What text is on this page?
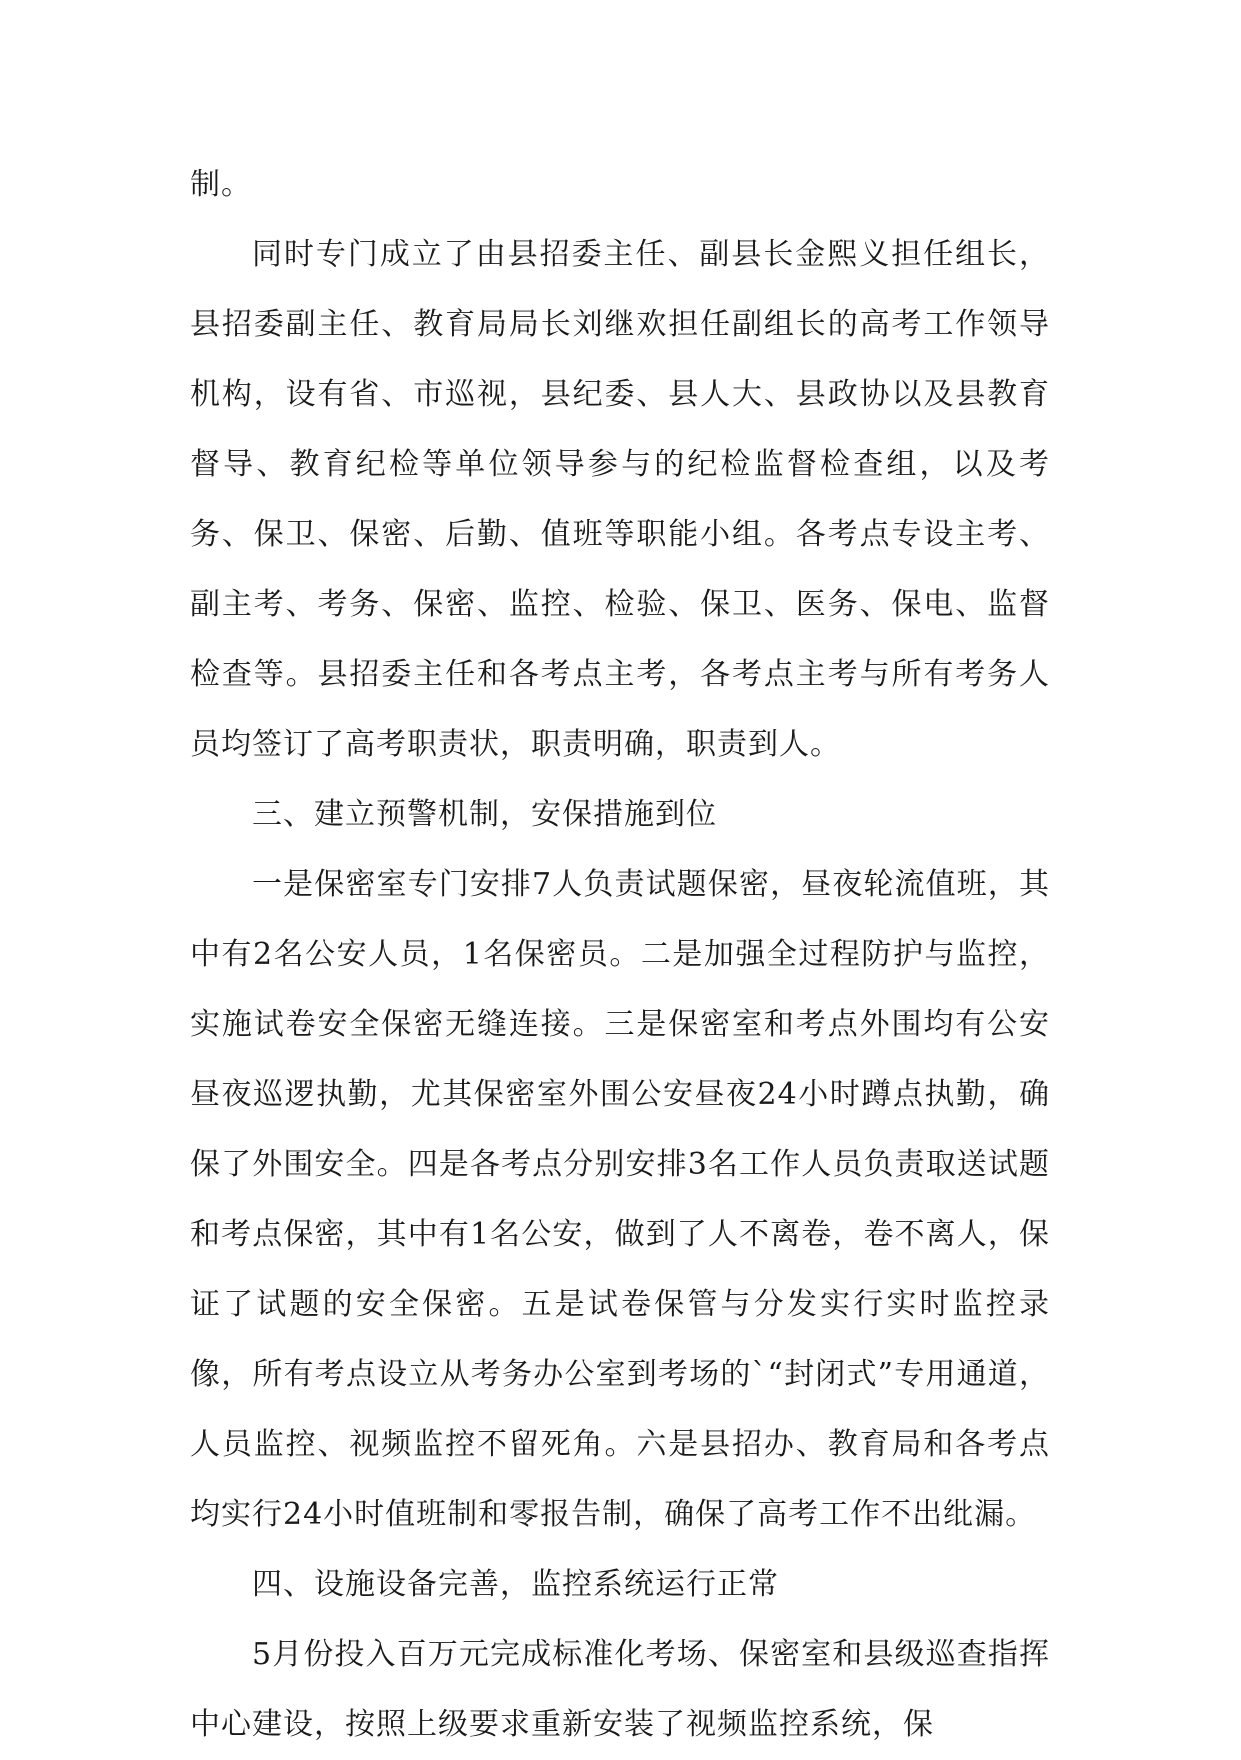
制。

同时专门成立了由县招委主任、副县长金熙义担任组长，县招委副主任、教育局局长刘继欢担任副组长的高考工作领导机构，设有省、市巡视，县纪委、县人大、县政协以及县教育督导、教育纪检等单位领导参与的纪检监督检查组，以及考务、保卫、保密、后勤、值班等职能小组。各考点专设主考、副主考、考务、保密、监控、检验、保卫、医务、保电、监督检查等。县招委主任和各考点主考，各考点主考与所有考务人员均签订了高考职责状，职责明确，职责到人。

三、建立预警机制，安保措施到位

一是保密室专门安排7人负责试题保密，昼夜轮流值班，其中有2名公安人员，1名保密员。二是加强全过程防护与监控，实施试卷安全保密无缝连接。三是保密室和考点外围均有公安昼夜巡逻执勤，尤其保密室外围公安昼夜24小时蹲点执勤，确保了外围安全。四是各考点分别安排3名工作人员负责取送试题和考点保密，其中有1名公安，做到了人不离卷，卷不离人，保证了试题的安全保密。五是试卷保管与分发实行实时监控录像，所有考点设立从考务办公室到考场的`“封闭式”专用通道，人员监控、视频监控不留死角。六是县招办、教育局和各考点均实行24小时值班制和零报告制，确保了高考工作不出纰漏。

四、设施设备完善，监控系统运行正常

5月份投入百万元完成标准化考场、保密室和县级巡查指挥中心建设，按照上级要求重新安装了视频监控系统，保
